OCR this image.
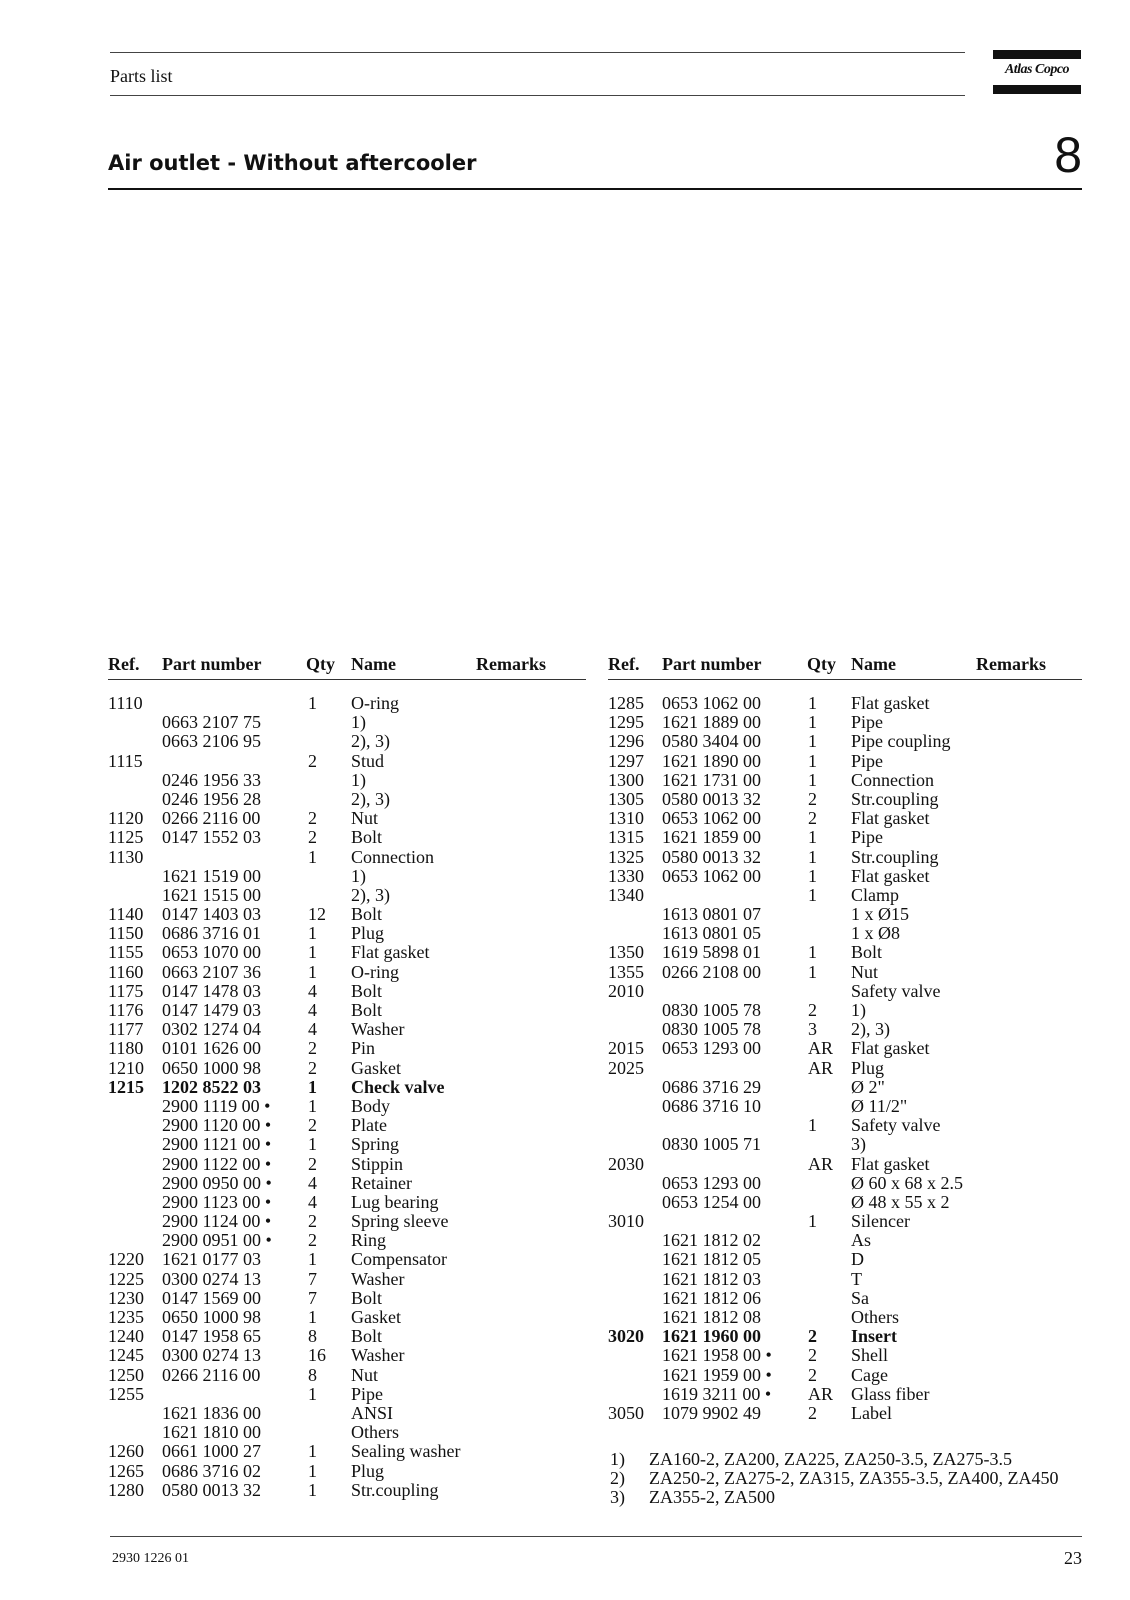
Parts list	Atlas Copco
Air outlet - Without aftercooler	8
Ref. Part number Qty Name	Remarks
1110	1 O-ring
0663 2107 75	1)
0663 2106 95	2), 3)
1115	2 Stud
0246 1956 33	1)
0246 1956 28	2), 3)
1120 0266 2116 00	2 Nut
1125 0147 1552 03	2 Bolt
1130	1 Connection
1621 1519 00	1)
1621 1515 00	2), 3)
1140 0147 1403 03	12 Bolt
1150 0686 3716 01	1 Plug
1155 0653 1070 00	1 Flat gasket
1160 0663 2107 36	1 O-ring
1175 0147 1478 03	4 Bolt
1176 0147 1479 03	4 Bolt
1177 0302 1274 04	4 Washer
1180 0101 1626 00	2 Pin
1210 0650 1000 98	2 Gasket
1215 1202 8522 03	1 Check valve
2900 1119 00 • 1 Body
2900 1120 00 • 2 Plate
2900 1121 00 • 1 Spring
2900 1122 00 • 2 Stippin
2900 0950 00 • 4 Retainer
2900 1123 00 • 4 Lug bearing
2900 1124 00 • 2 Spring sleeve
2900 0951 00 • 2 Ring
1220 1621 0177 03	1 Compensator
1225 0300 0274 13	7 Washer
1230 0147 1569 00	7 Bolt
1235 0650 1000 98	1 Gasket
1240 0147 1958 65	8 Bolt
1245 0300 0274 13	16 Washer
1250 0266 2116 00	8 Nut
1255	1 Pipe
1621 1836 00	ANSI
1621 1810 00	Others
1260 0661 1000 27	1 Sealing washer
1265 0686 3716 02	1 Plug
1280 0580 0013 32	1 Str.coupling
Ref. Part number	Qty Name	Remarks
1285 0653 1062 00	1 Flat gasket
1295 1621 1889 00	1 Pipe
1296 0580 3404 00	1 Pipe coupling
1297 1621 1890 00	1 Pipe
1300 1621 1731 00	1 Connection
1305 0580 0013 32	2 Str.coupling
1310 0653 1062 00	2 Flat gasket
1315 1621 1859 00	1 Pipe
1325 0580 0013 32	1 Str.coupling
1330 0653 1062 00	1 Flat gasket
1340	1 Clamp
1613 0801 07	1 x Ø15
1613 0801 05	1 x Ø8
1350 1619 5898 01	1 Bolt
1355 0266 2108 00	1 Nut
2010	Safety valve
0830 1005 78	2 1)
0830 1005 78	3 2), 3)
2015 0653 1293 00	AR Flat gasket
2025	AR Plug
0686 3716 29	Ø 2"
0686 3716 10	Ø 11/2"
1 Safety valve
0830 1005 71	3)
2030	AR Flat gasket
0653 1293 00	Ø 60 x 68 x 2.5
0653 1254 00	Ø 48 x 55 x 2
3010	1 Silencer
1621 1812 02	As
1621 1812 05	D
1621 1812 03	T
1621 1812 06	Sa
1621 1812 08	Others
3020 1621 1960 00	2 Insert
1621 1958 00 • 2 Shell
1621 1959 00 • 2 Cage
1619 3211 00 • AR Glass fiber
3050 1079 9902 49	2 Label
1) ZA160-2, ZA200, ZA225, ZA250-3.5, ZA275-3.5
2) ZA250-2, ZA275-2, ZA315, ZA355-3.5, ZA400, ZA450
3) ZA355-2, ZA500
2930 1226 01	23
